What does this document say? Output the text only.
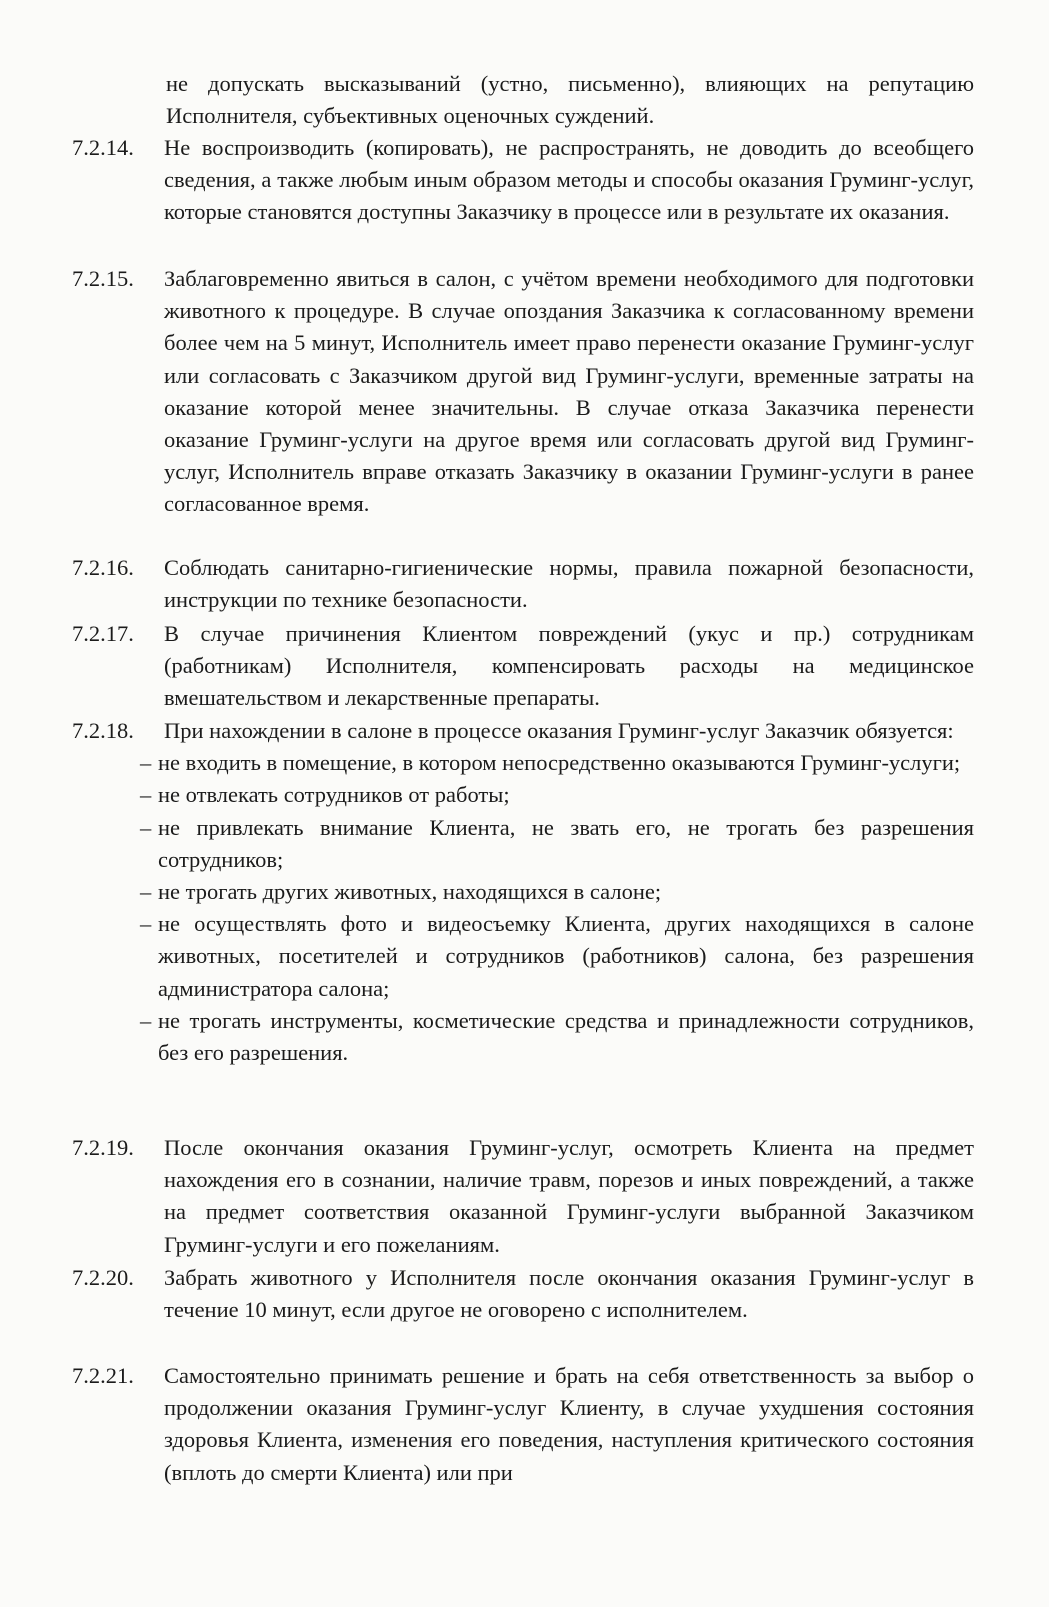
не допускать высказываний (устно, письменно), влияющих на репутацию Исполнителя, субъективных оценочных суждений.

7.2.14. Не воспроизводить (копировать), не распространять, не доводить до всеобщего сведения, а также любым иным образом методы и способы оказания Груминг-услуг, которые становятся доступны Заказчику в процессе или в результате их оказания.
7.2.15. Заблаговременно явиться в салон, с учётом времени необходимого для подготовки животного к процедуре. В случае опоздания Заказчика к согласованному времени более чем на 5 минут, Исполнитель имеет право перенести оказание Груминг-услуг или согласовать с Заказчиком другой вид Груминг-услуги, временные затраты на оказание которой менее значительны. В случае отказа Заказчика перенести оказание Груминг-услуги на другое время или согласовать другой вид Груминг-услуг, Исполнитель вправе отказать Заказчику в оказании Груминг-услуги в ранее согласованное время.
7.2.16. Соблюдать санитарно-гигиенические нормы, правила пожарной безопасности, инструкции по технике безопасности.
7.2.17. В случае причинения Клиентом повреждений (укус и пр.) сотрудникам (работникам) Исполнителя, компенсировать расходы на медицинское вмешательством и лекарственные препараты.
7.2.18. При нахождении в салоне в процессе оказания Груминг-услуг Заказчик обязуется:
– не входить в помещение, в котором непосредственно оказываются Груминг-услуги;
– не отвлекать сотрудников от работы;
– не привлекать внимание Клиента, не звать его, не трогать без разрешения сотрудников;
– не трогать других животных, находящихся в салоне;
– не осуществлять фото и видеосъемку Клиента, других находящихся в салоне животных, посетителей и сотрудников (работников) салона, без разрешения администратора салона;
– не трогать инструменты, косметические средства и принадлежности сотрудников, без его разрешения.
7.2.19. После окончания оказания Груминг-услуг, осмотреть Клиента на предмет нахождения его в сознании, наличие травм, порезов и иных повреждений, а также на предмет соответствия оказанной Груминг-услуги выбранной Заказчиком Груминг-услуги и его пожеланиям.
7.2.20. Забрать животного у Исполнителя после окончания оказания Груминг-услуг в течение 10 минут, если другое не оговорено с исполнителем.
7.2.21. Самостоятельно принимать решение и брать на себя ответственность за выбор о продолжении оказания Груминг-услуг Клиенту, в случае ухудшения состояния здоровья Клиента, изменения его поведения, наступления критического состояния (вплоть до смерти Клиента) или при
